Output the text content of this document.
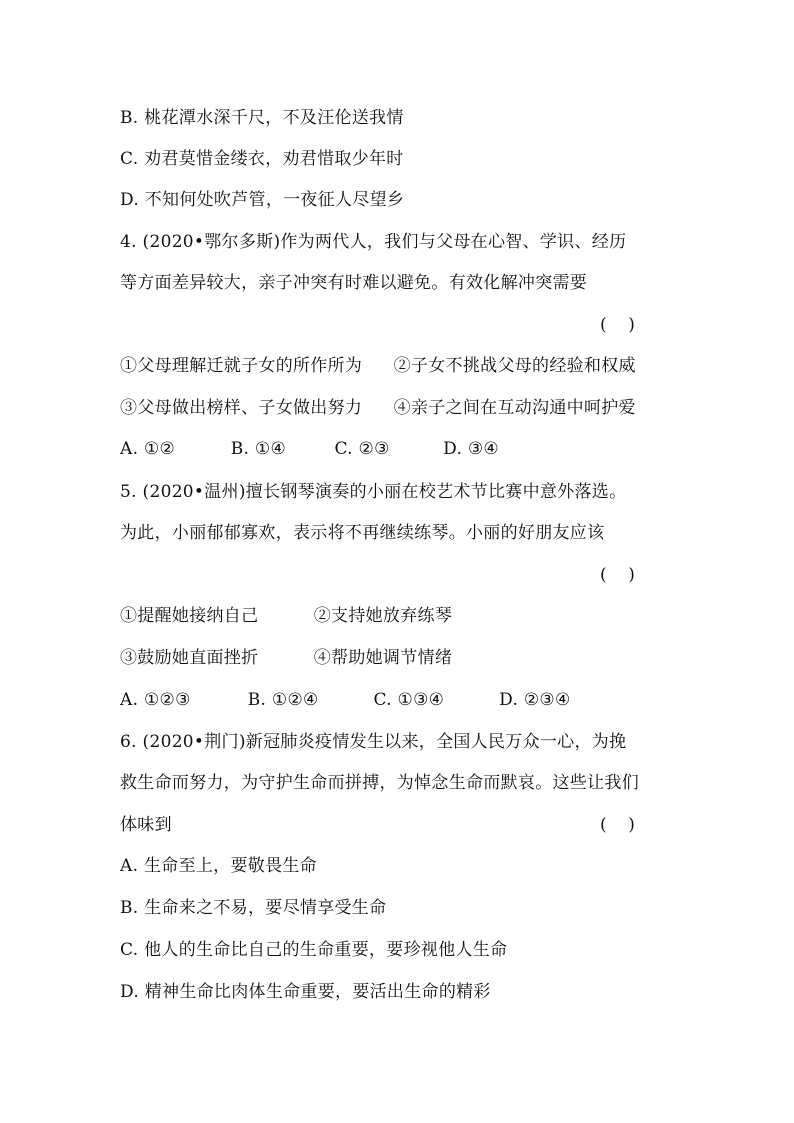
B. 桃花潭水深千尺，不及汪伦送我情
C. 劝君莫惜金缕衣，劝君惜取少年时
D. 不知何处吹芦管，一夜征人尽望乡
4. (2020•鄂尔多斯)作为两代人，我们与父母在心智、学识、经历
等方面差异较大，亲子冲突有时难以避免。有效化解冲突需要
(    )
①父母理解迁就子女的所作所为 ②子女不挑战父母的经验和权威
③父母做出榜样、子女做出努力 ④亲子之间在互动沟通中呵护爱
A. ①②	B. ①④	C. ②③	D. ③④
5. (2020•温州)擅长钢琴演奏的小丽在校艺术节比赛中意外落选。
为此，小丽郁郁寡欢，表示将不再继续练琴。小丽的好朋友应该
(    )
①提醒她接纳自己	②支持她放弃练琴
③鼓励她直面挫折	④帮助她调节情绪
A. ①②③	B. ①②④	C. ①③④	D. ②③④
6. (2020•荆门)新冠肺炎疫情发生以来，全国人民万众一心，为挽
救生命而努力，为守护生命而拼搏，为悼念生命而默哀。这些让我们
体味到	(    )
A. 生命至上，要敬畏生命
B. 生命来之不易，要尽情享受生命
C. 他人的生命比自己的生命重要，要珍视他人生命
D. 精神生命比肉体生命重要，要活出生命的精彩
